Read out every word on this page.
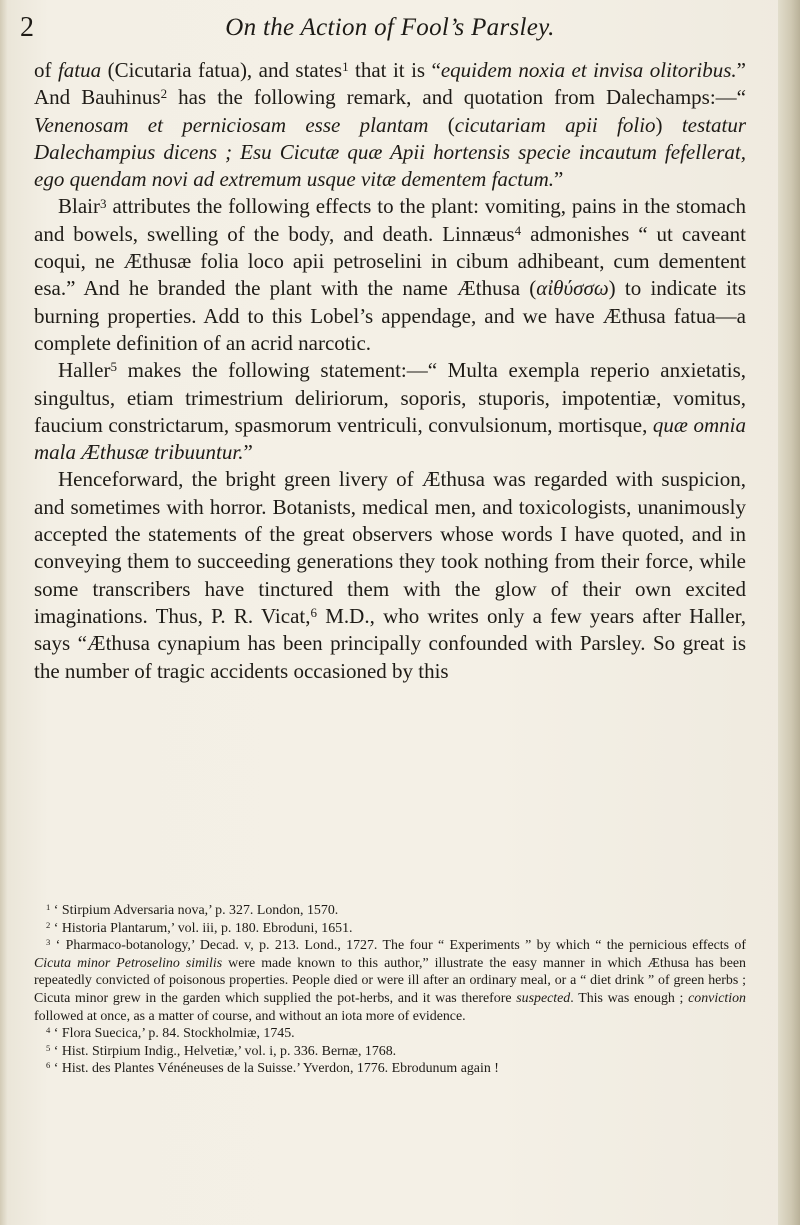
2	On the Action of Fool’s Parsley.

of fatua (Cicutaria fatua), and states$^1$ that it is “equidem noxia et invisa olitoribus.” And Bauhinus$^2$ has the following remark, and quotation from Dalechamps:—“ Venenosam et perniciosam esse plantam (cicutariam apii folio) testatur Dalechampius dicens ; Esu Cicutæ quæ Apii hortensis specie incautum fefellerat, ego quendam novi ad extremum usque vitæ dementem factum.”

Blair$^3$ attributes the following effects to the plant: vomiting, pains in the stomach and bowels, swelling of the body, and death. Linnæus$^4$ admonishes “ ut caveant coqui, ne Æthusæ folia loco apii petroselini in cibum adhibeant, cum dementent esa.” And he branded the plant with the name Æthusa (αἰθύσσω) to indicate its burning properties. Add to this Lobel’s appendage, and we have Æthusa fatua—a complete definition of an acrid narcotic.

Haller$^5$ makes the following statement:—“ Multa exempla reperio anxietatis, singultus, etiam trimestrium deliriorum, soporis, stuporis, impotentiæ, vomitus, faucium constrictarum, spasmorum ventriculi, convulsionum, mortisque, quæ omnia mala Æthusæ tribuuntur.”

Henceforward, the bright green livery of Æthusa was regarded with suspicion, and sometimes with horror. Botanists, medical men, and toxicologists, unanimously accepted the statements of the great observers whose words I have quoted, and in conveying them to succeeding generations they took nothing from their force, while some transcribers have tinctured them with the glow of their own excited imaginations. Thus, P. R. Vicat,$^6$ M.D., who writes only a few years after Haller, says “Æthusa cynapium has been principally confounded with Parsley. So great is the number of tragic accidents occasioned by this

$^1$ ‘ Stirpium Adversaria nova,’ p. 327. London, 1570.

$^2$ ‘ Historia Plantarum,’ vol. iii, p. 180. Ebroduni, 1651.

$^3$ ‘ Pharmaco-botanology,’ Decad. v, p. 213. Lond., 1727. The four “ Experiments ” by which “ the pernicious effects of Cicuta minor Petroselino similis were made known to this author,” illustrate the easy manner in which Æthusa has been repeatedly convicted of poisonous properties. People died or were ill after an ordinary meal, or a “ diet drink ” of green herbs ; Cicuta minor grew in the garden which supplied the pot-herbs, and it was therefore suspected. This was enough ; conviction followed at once, as a matter of course, and without an iota more of evidence.

$^4$ ‘ Flora Suecica,’ p. 84. Stockholmiæ, 1745.

$^5$ ‘ Hist. Stirpium Indig., Helvetiæ,’ vol. i, p. 336. Bernæ, 1768.

$^6$ ‘ Hist. des Plantes Vénéneuses de la Suisse.’ Yverdon, 1776. Ebrodunum again !
